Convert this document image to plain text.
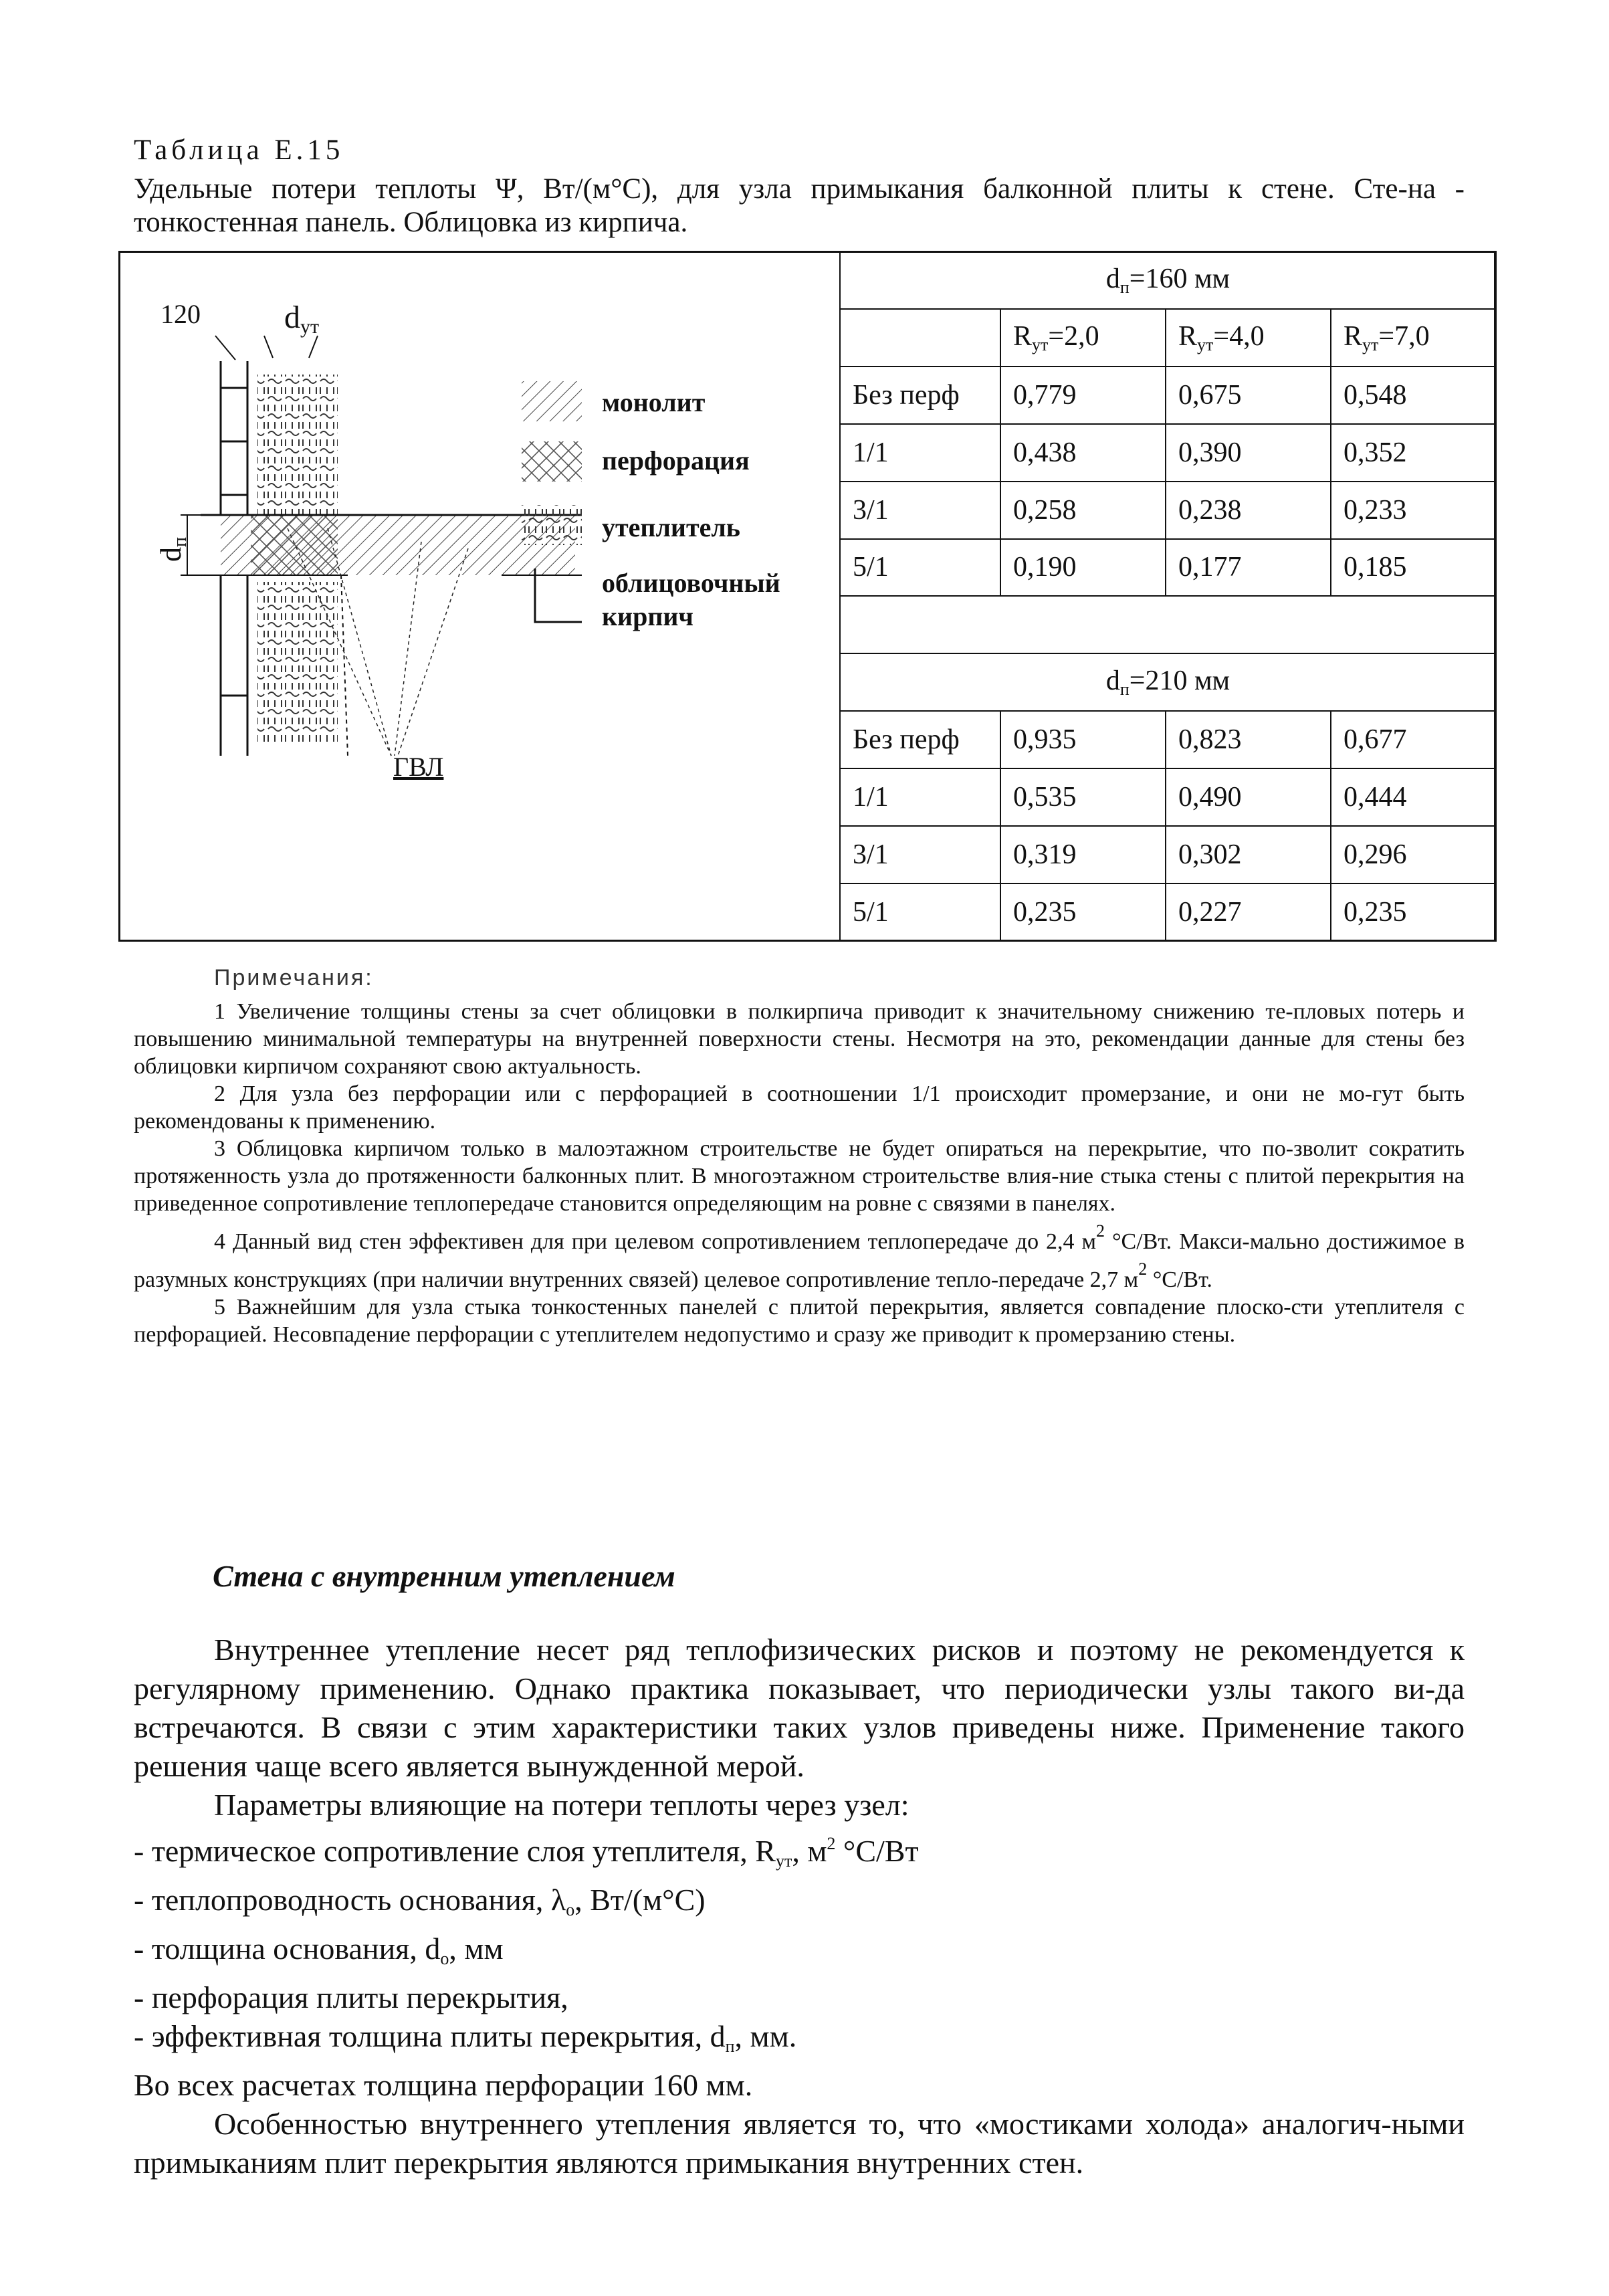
Таблица Е.15
Удельные потери теплоты Ψ, Вт/(м°С), для узла примыкания балконной плиты к стене. Сте-на - тонкостенная панель. Облицовка из кирпича.
120	dут
dп
ГВЛ
монолит
перфорация
утеплитель
облицовочный кирпич
$d_п=160$ мм			
	$R_{ут}=2,0$	$R_{ут}=4,0$	$R_{ут}=7,0$
Без перф	0,779	0,675	0,548
1/1	0,438	0,390	0,352
3/1	0,258	0,238	0,233
5/1	0,190	0,177	0,185

$d_п=210$ мм			
Без перф	0,935	0,823	0,677
1/1	0,535	0,490	0,444
3/1	0,319	0,302	0,296
5/1	0,235	0,227	0,235
Примечания:

1 Увеличение толщины стены за счет облицовки в полкирпича приводит к значительному снижению те-пловых потерь и повышению минимальной температуры на внутренней поверхности стены. Несмотря на это, рекомендации данные для стены без облицовки кирпичом сохраняют свою актуальность.

2 Для узла без перфорации или с перфорацией в соотношении 1/1 происходит промерзание, и они не мо-гут быть рекомендованы к применению.

3 Облицовка кирпичом только в малоэтажном строительстве не будет опираться на перекрытие, что по-зволит сократить протяженность узла до протяженности балконных плит. В многоэтажном строительстве влия-ние стыка стены с плитой перекрытия на приведенное сопротивление теплопередаче становится определяющим на ровне с связями в панелях.

4 Данный вид стен эффективен для при целевом сопротивлением теплопередаче до 2,4 $м^2$ °С/Вт. Макси-мально достижимое в разумных конструкциях (при наличии внутренних связей) целевое сопротивление тепло-передаче 2,7 $м^2$ °С/Вт.

5 Важнейшим для узла стыка тонкостенных панелей с плитой перекрытия, является совпадение плоско-сти утеплителя с перфорацией. Несовпадение перфорации с утеплителем недопустимо и сразу же приводит к промерзанию стены.

Стена с внутренним утеплением

Внутреннее утепление несет ряд теплофизических рисков и поэтому не рекомендуется к регулярному применению. Однако практика показывает, что периодически узлы такого ви-да встречаются. В связи с этим характеристики таких узлов приведены ниже. Применение такого решения чаще всего является вынужденной мерой.

Параметры влияющие на потери теплоты через узел:

- термическое сопротивление слоя утеплителя, $R_{ут}$, $м^2$ °С/Вт

- теплопроводность основания, $\lambda_о$, Вт/(м°С)

- толщина основания, $d_о$, мм

- перфорация плиты перекрытия,

- эффективная толщина плиты перекрытия, $d_п$, мм.

Во всех расчетах толщина перфорации 160 мм.

Особенностью внутреннего утепления является то, что «мостиками холода» аналогич-ными примыканиям плит перекрытия являются примыкания внутренних стен.
